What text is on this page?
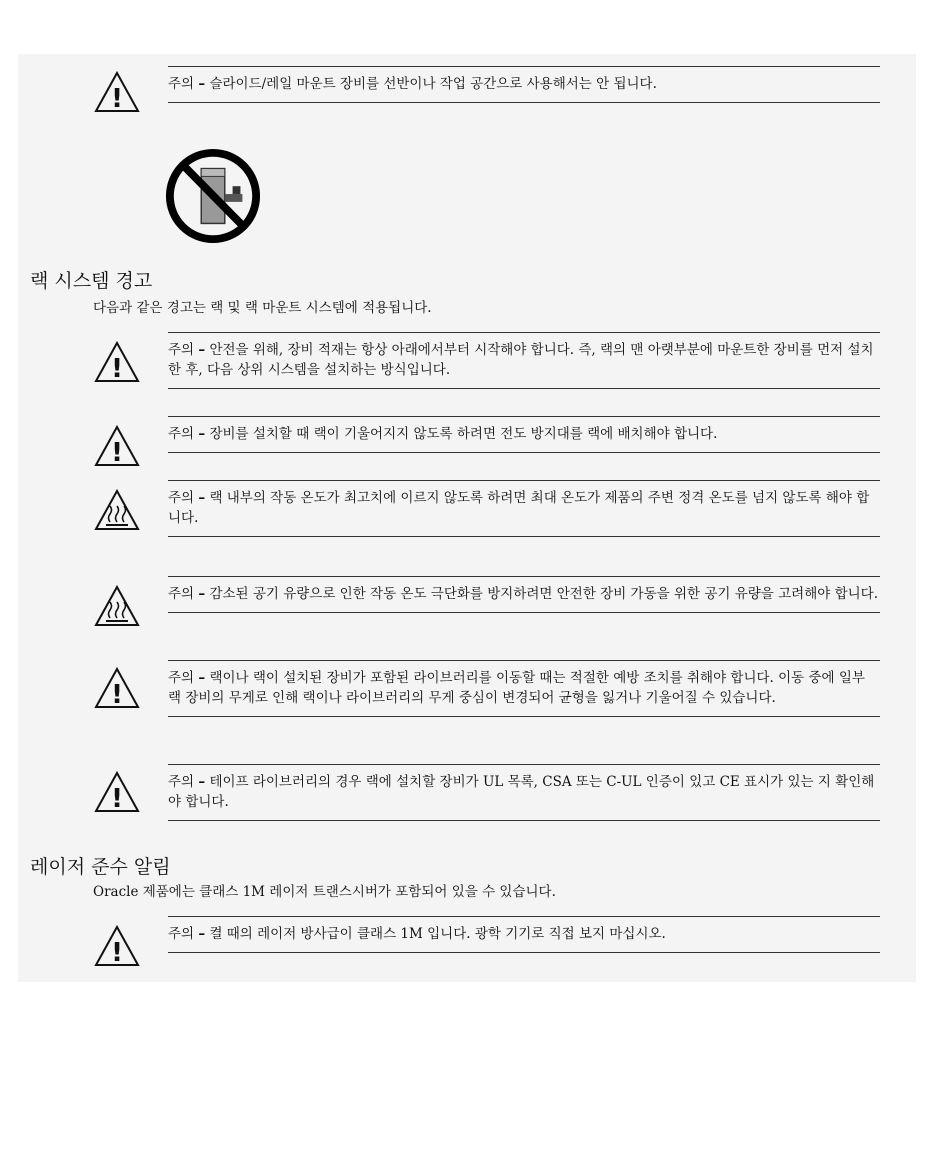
!	주의 – 슬라이드/레일 마운트 장비를 선반이나 작업 공간으로 사용해서는 안 됩니다.
랙 시스템 경고
다음과 같은 경고는 랙 및 랙 마운트 시스템에 적용됩니다.
!
주의 – 안전을 위해, 장비 적재는 항상 아래에서부터 시작해야 합니다. 즉, 랙의 맨 아랫부분에 마운트한 장비를 먼저 설치한 후, 다음 상위 시스템을 설치하는 방식입니다.
!
주의 – 장비를 설치할 때 랙이 기울어지지 않도록 하려면 전도 방지대를 랙에 배치해야 합니다.
주의 – 랙 내부의 작동 온도가 최고치에 이르지 않도록 하려면 최대 온도가 제품의 주변 정격 온도를 넘지 않도록 해야 합니다.
주의 – 감소된 공기 유량으로 인한 작동 온도 극단화를 방지하려면 안전한 장비 가동을 위한 공기 유량을 고려해야 합니다.
!
주의 – 랙이나 랙이 설치된 장비가 포함된 라이브러리를 이동할 때는 적절한 예방 조치를 취해야 합니다. 이동 중에 일부 랙 장비의 무게로 인해 랙이나 라이브러리의 무게 중심이 변경되어 균형을 잃거나 기울어질 수 있습니다.
!
주의 – 테이프 라이브러리의 경우 랙에 설치할 장비가 UL 목록, CSA 또는 C-UL 인증이 있고 CE 표시가 있는 지 확인해야 합니다.
레이저 준수 알림
Oracle 제품에는 클래스 1M 레이저 트랜스시버가 포함되어 있을 수 있습니다.
!
주의 – 켤 때의 레이저 방사급이 클래스 1M 입니다. 광학 기기로 직접 보지 마십시오.
